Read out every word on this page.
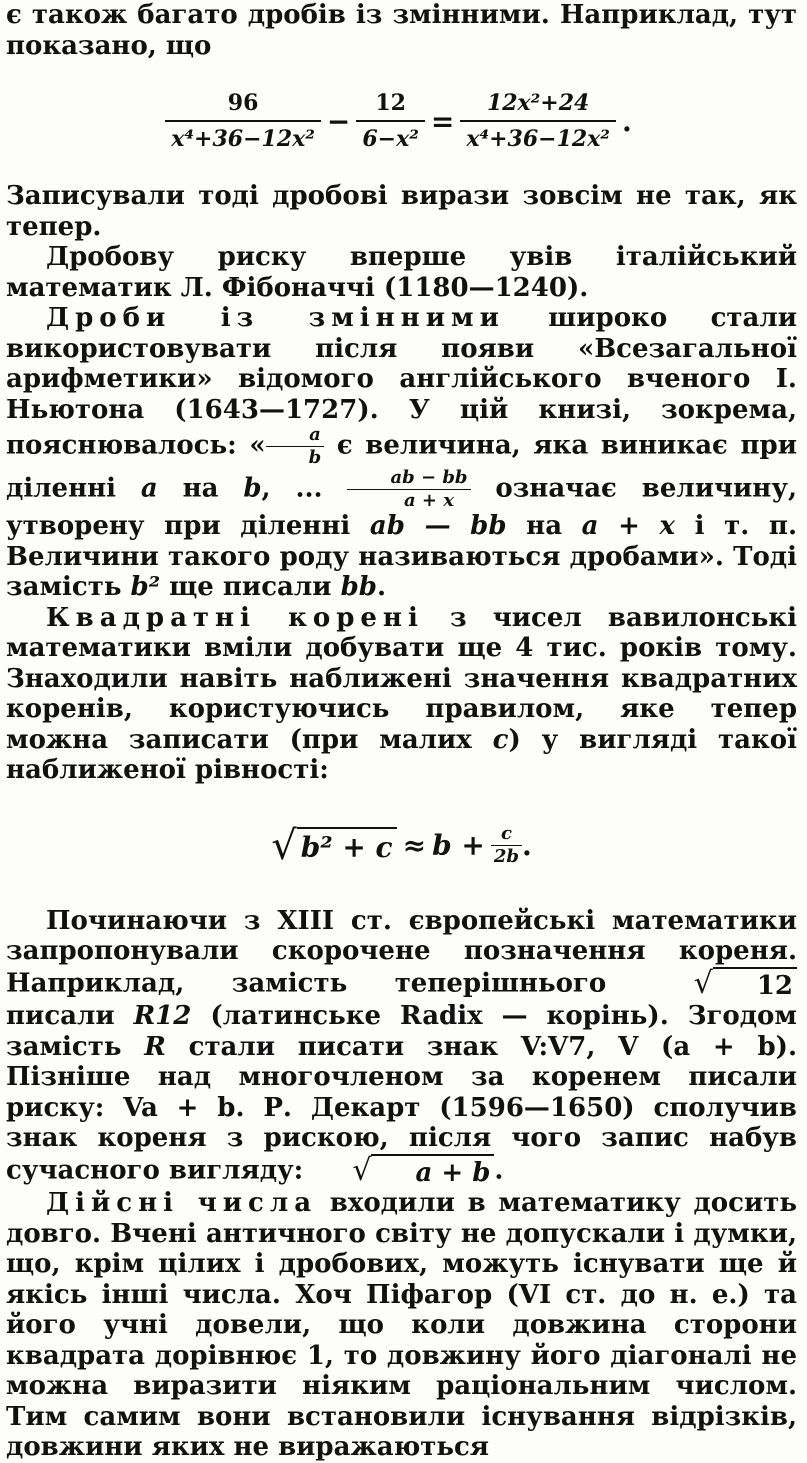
є також багато дробів із змінними. Наприклад, тут показано, що

$\frac{96}{\text{x⁴+36−12x²}} - \frac{12}{\text{6−x²}} = \frac{\text{12x²+24}}{\text{x⁴+36−12x²}}$ .

Записували тоді дробові вирази зовсім не так, як тепер.

Дробову риску вперше увів італійський математик Л. Фібоначчі (1180—1240).

Дроби із змінними широко стали використовувати після появи «Всезагальної арифметики» відомого англійського вченого І. Ньютона (1643—1727). У цій книзі, зокрема, пояснювалось: « $\frac{a}{b}$ є величина, яка виникає при діленні a на b, ... $\frac{ab - bb}{a + x}$ означає величину, утворену при діленні ab — bb на a + x і т. п. Величини такого роду називаються дробами». Тоді замість b² ще писали bb.

Квадратні корені з чисел вавилонські математики вміли добувати ще 4 тис. років тому. Знаходили навіть наближені значення квадратних коренів, користуючись правилом, яке тепер можна записати (при малих c) у вигляді такої наближеної рівності:

√ $b^2 + c \approx b + \frac{c}{2b}$ .

Починаючи з XIII ст. європейські математики запропонували скорочене позначення кореня. Наприклад, замість теперішнього √ 12 писали R12 (латинське Radix — корінь). Згодом замість R стали писати знак V:V7, V (a + b). Пізніше над многочленом за коренем писали риску: Va + b. Р. Декарт (1596—1650) сполучив знак кореня з рискою, після чого запис набув сучасного вигляду: √ a + b .

Дійсні числа входили в математику досить довго. Вчені античного світу не допускали і думки, що, крім цілих і дробових, можуть існувати ще й якісь інші числа. Хоч Піфагор (VI ст. до н. е.) та його учні довели, що коли довжина сторони квадрата дорівнює 1, то довжину його діагоналі не можна виразити ніяким раціональним числом. Тим самим вони встановили існування відрізків, довжини яких не виражаються
